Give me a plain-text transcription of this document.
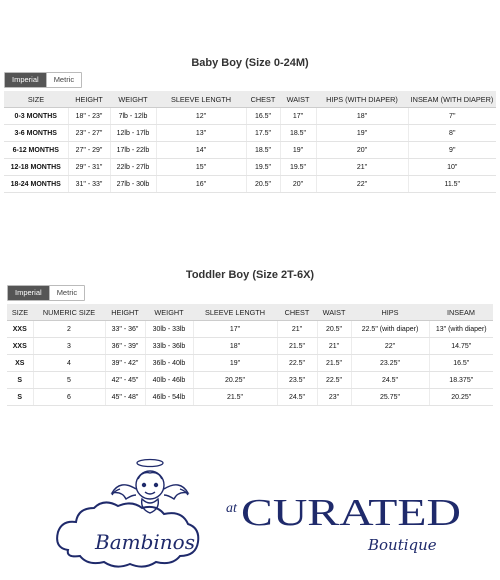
Baby Boy (Size 0-24M)
Imperial	Metric
SIZE	HEIGHT	WEIGHT	SLEEVE LENGTH	CHEST	WAIST	HIPS (WITH DIAPER)	INSEAM (WITH DIAPER)
0-3 MONTHS	18" - 23"	7lb - 12lb	12"	16.5"	17"	18"	7"
3-6 MONTHS	23" - 27"	12lb - 17lb	13"	17.5"	18.5"	19"	8"
6-12 MONTHS	27" - 29"	17lb - 22lb	14"	18.5"	19"	20"	9"
12-18 MONTHS	29" - 31"	22lb - 27lb	15"	19.5"	19.5"	21"	10"
18-24 MONTHS	31" - 33"	27lb - 30lb	16"	20.5"	20"	22"	11.5"
Toddler Boy (Size 2T-6X)
Imperial	Metric
SIZE	NUMERIC SIZE	HEIGHT	WEIGHT	SLEEVE LENGTH	CHEST	WAIST	HIPS	INSEAM
XXS	2	33" - 36"	30lb - 33lb	17"	21"	20.5"	22.5" (with diaper)	13" (with diaper)
XXS	3	36" - 39"	33lb - 36lb	18"	21.5"	21"	22"	14.75"
XS	4	39" - 42"	36lb - 40lb	19"	22.5"	21.5"	23.25"	16.5"
S	5	42" - 45"	40lb - 46lb	20.25"	23.5"	22.5"	24.5"	18.375"
S	6	45" - 48"	46lb - 54lb	21.5"	24.5"	23"	25.75"	20.25"
Bambinos
at CURATED
Boutique
